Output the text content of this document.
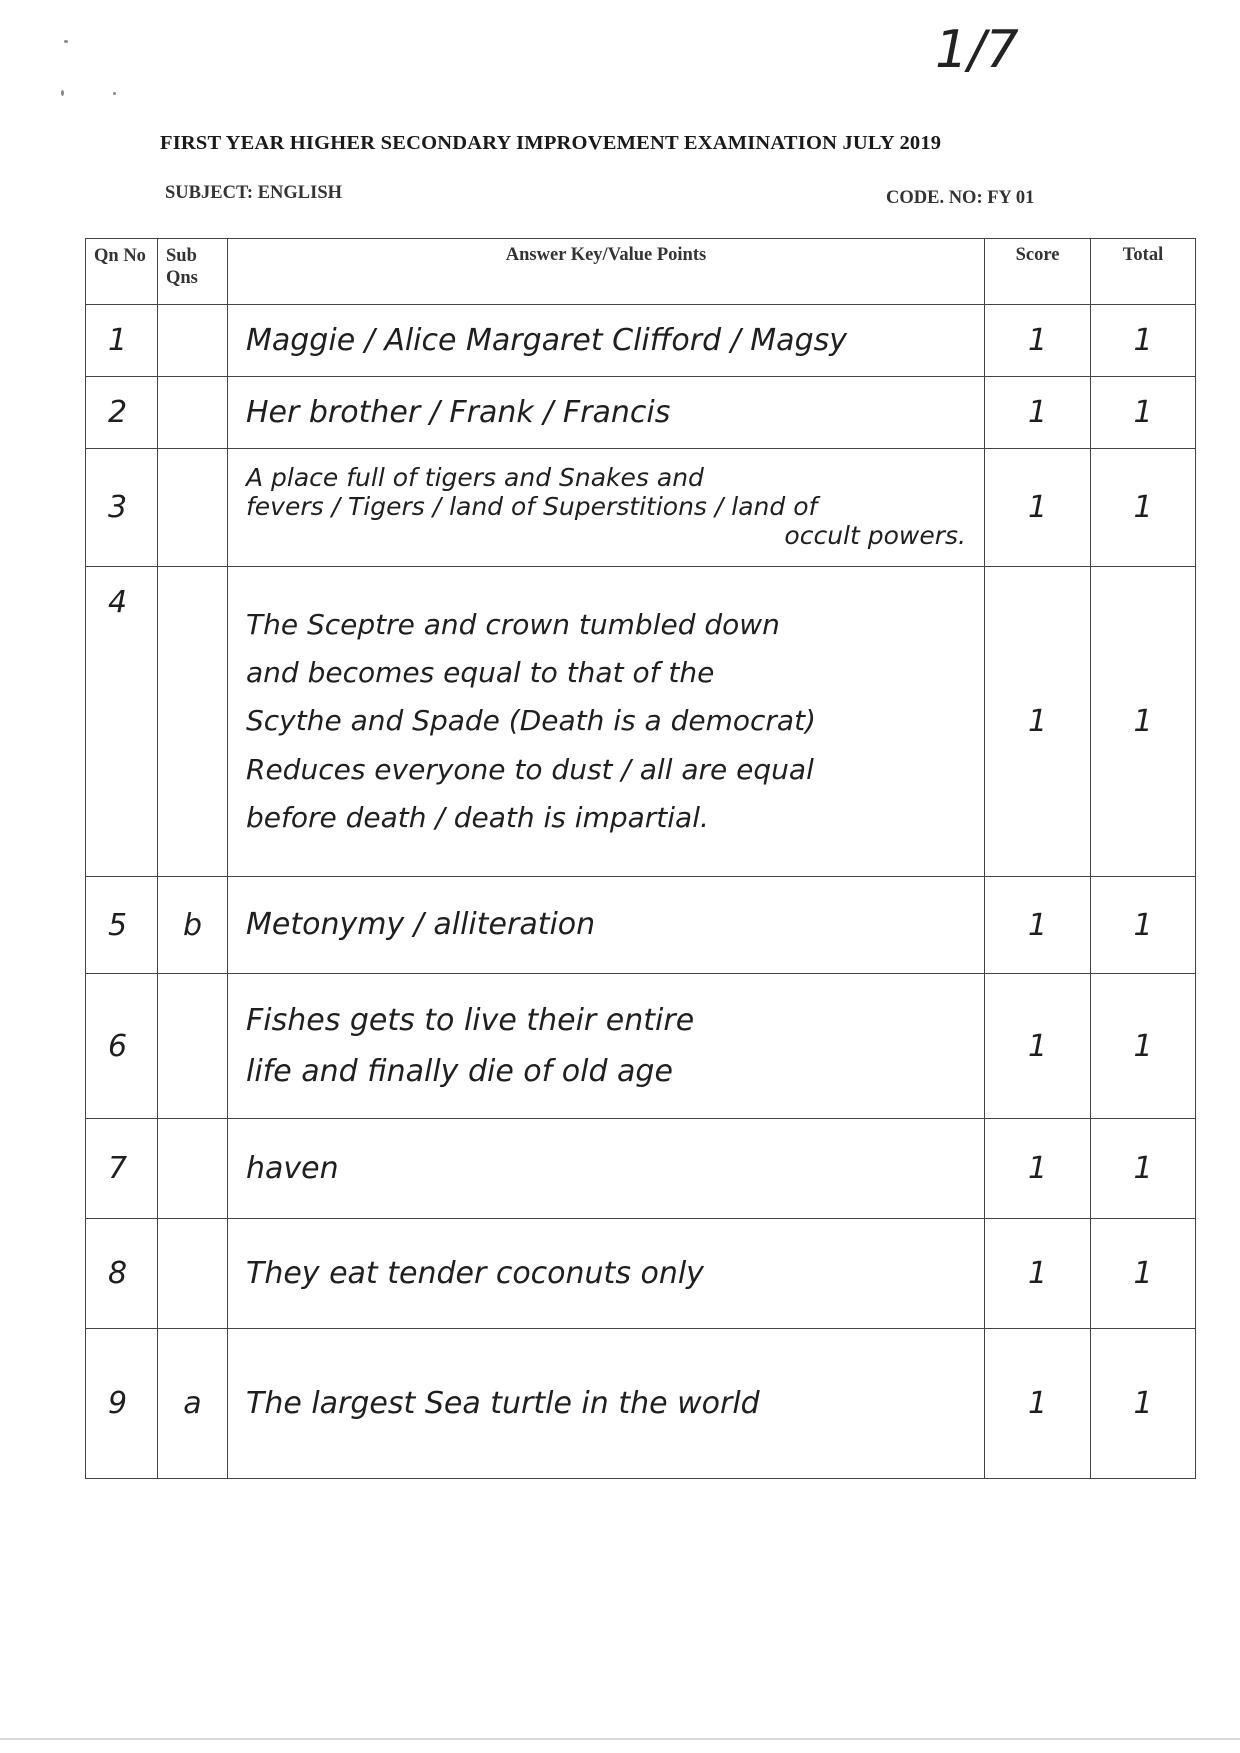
1/7
FIRST YEAR HIGHER SECONDARY IMPROVEMENT EXAMINATION JULY 2019
SUBJECT: ENGLISH	CODE. NO: FY 01
Qn No	Sub Qns	Answer Key/Value Points	Score	Total
1		Maggie / Alice Margaret Clifford / Magsy	1	1
2		Her brother / Frank / Francis	1	1
3		A place full of tigers and Snakes and
fevers / Tigers / land of Superstitions / land of
occult powers.	1	1
4		The Sceptre and crown tumbled down
and becomes equal to that of the
Scythe and Spade (Death is a democrat)
Reduces everyone to dust / all are equal
before death / death is impartial.	1	1
5	b	Metonymy / alliteration	1	1
6		Fishes gets to live their entire
life and finally die of old age	1	1
7		haven	1	1
8		They eat tender coconuts only	1	1
9	a	The largest Sea turtle in the world	1	1
